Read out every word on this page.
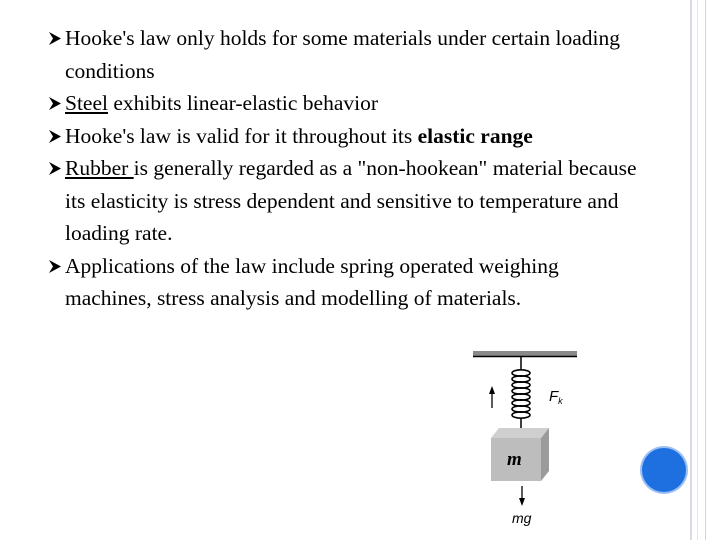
Hooke's law only holds for some materials under certain loading conditions
Steel exhibits linear-elastic behavior
Hooke's law is valid for it throughout its elastic range
Rubber is generally regarded as a "non-hookean" material because its elasticity is stress dependent and sensitive to temperature and loading rate.
Applications of the law include spring operated weighing machines, stress analysis and modelling of materials.
$F_k$
m
mg
